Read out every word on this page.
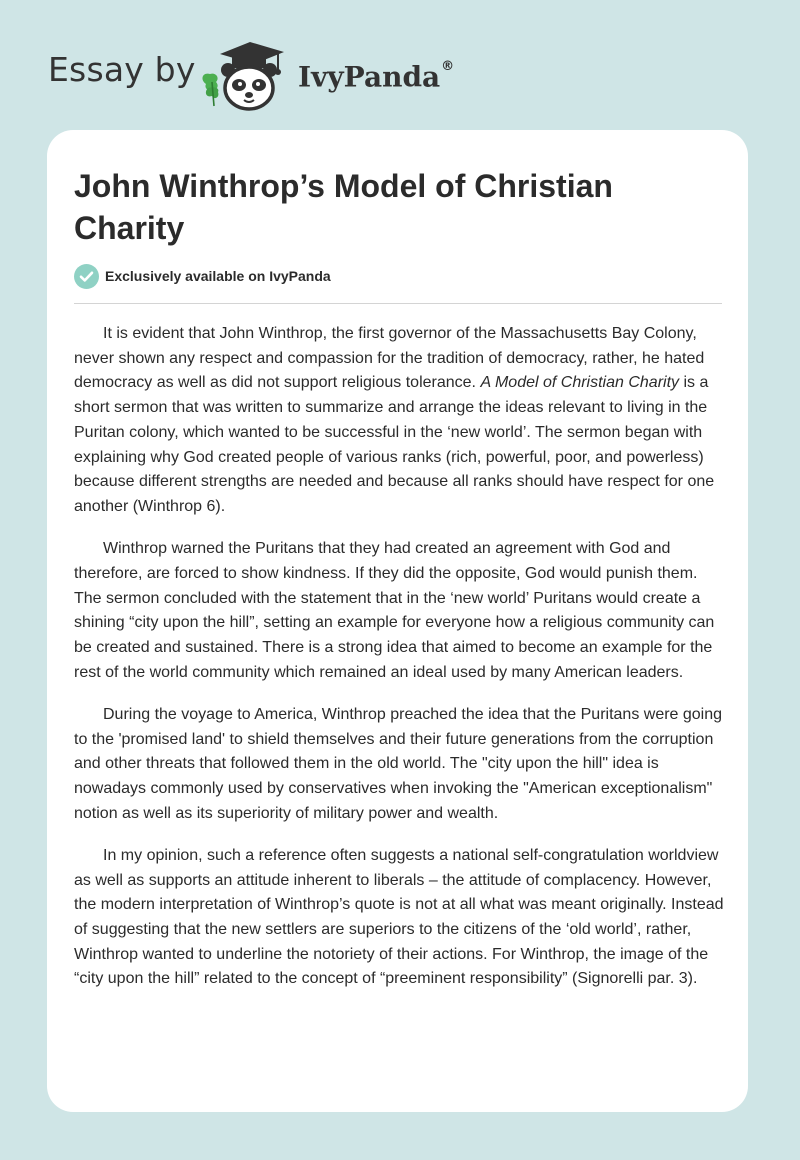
Essay by	IvyPanda®
John Winthrop’s Model of Christian Charity
Exclusively available on IvyPanda

It is evident that John Winthrop, the first governor of the Massachusetts Bay Colony, never shown any respect and compassion for the tradition of democracy, rather, he hated democracy as well as did not support religious tolerance. A Model of Christian Charity is a short sermon that was written to summarize and arrange the ideas relevant to living in the Puritan colony, which wanted to be successful in the ‘new world’. The sermon began with explaining why God created people of various ranks (rich, powerful, poor, and powerless) because different strengths are needed and because all ranks should have respect for one another (Winthrop 6).

Winthrop warned the Puritans that they had created an agreement with God and therefore, are forced to show kindness. If they did the opposite, God would punish them. The sermon concluded with the statement that in the ‘new world’ Puritans would create a shining “city upon the hill”, setting an example for everyone how a religious community can be created and sustained. There is a strong idea that aimed to become an example for the rest of the world community which remained an ideal used by many American leaders.

During the voyage to America, Winthrop preached the idea that the Puritans were going to the 'promised land' to shield themselves and their future generations from the corruption and other threats that followed them in the old world. The "city upon the hill" idea is nowadays commonly used by conservatives when invoking the "American exceptionalism" notion as well as its superiority of military power and wealth.

In my opinion, such a reference often suggests a national self-congratulation worldview as well as supports an attitude inherent to liberals – the attitude of complacency. However, the modern interpretation of Winthrop’s quote is not at all what was meant originally. Instead of suggesting that the new settlers are superiors to the citizens of the ‘old world’, rather, Winthrop wanted to underline the notoriety of their actions. For Winthrop, the image of the “city upon the hill” related to the concept of “preeminent responsibility” (Signorelli par. 3).
